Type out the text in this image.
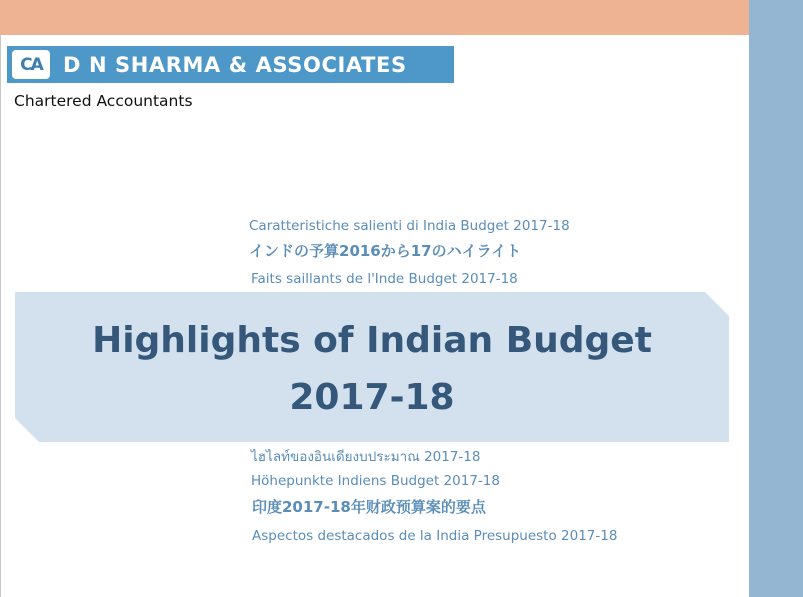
CA D N SHARMA & ASSOCIATES
Chartered Accountants
Caratteristiche salienti di India Budget 2017-18
インドの予算2016から17のハイライト
Faits saillants de l'Inde Budget 2017-18
Highlights of Indian Budget
2017-18
ไฮไลท์ของอินเดียงบประมาณ 2017-18
Höhepunkte Indiens Budget 2017-18
印度2017-18年财政预算案的要点
Aspectos destacados de la India Presupuesto 2017-18
